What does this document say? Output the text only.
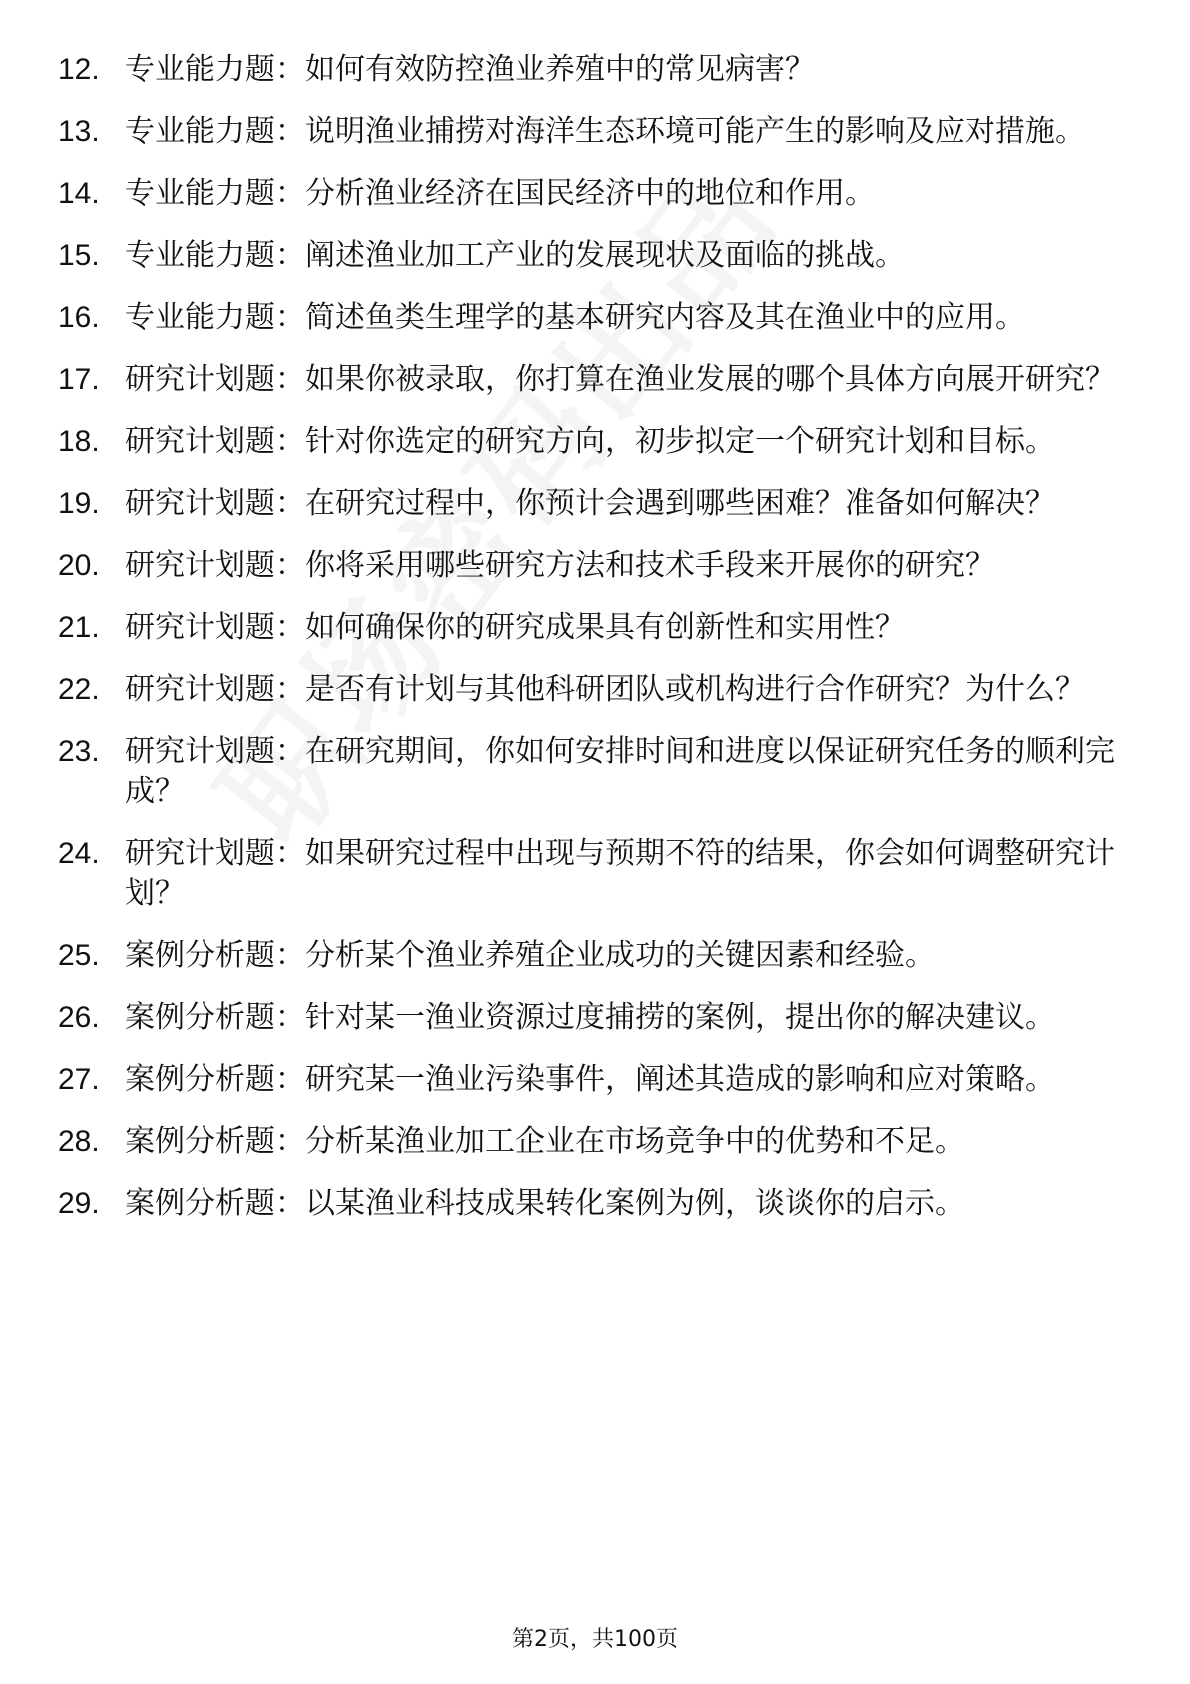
12. 专业能力题：如何有效防控渔业养殖中的常见病害？
13. 专业能力题：说明渔业捕捞对海洋生态环境可能产生的影响及应对措施。
14. 专业能力题：分析渔业经济在国民经济中的地位和作用。
15. 专业能力题：阐述渔业加工产业的发展现状及面临的挑战。
16. 专业能力题：简述鱼类生理学的基本研究内容及其在渔业中的应用。
17. 研究计划题：如果你被录取，你打算在渔业发展的哪个具体方向展开研究？
18. 研究计划题：针对你选定的研究方向，初步拟定一个研究计划和目标。
19. 研究计划题：在研究过程中，你预计会遇到哪些困难？准备如何解决？
20. 研究计划题：你将采用哪些研究方法和技术手段来开展你的研究？
21. 研究计划题：如何确保你的研究成果具有创新性和实用性？
22. 研究计划题：是否有计划与其他科研团队或机构进行合作研究？为什么？
23. 研究计划题：在研究期间，你如何安排时间和进度以保证研究任务的顺利完成？
24. 研究计划题：如果研究过程中出现与预期不符的结果，你会如何调整研究计划？
25. 案例分析题：分析某个渔业养殖企业成功的关键因素和经验。
26. 案例分析题：针对某一渔业资源过度捕捞的案例，提出你的解决建议。
27. 案例分析题：研究某一渔业污染事件，阐述其造成的影响和应对策略。
28. 案例分析题：分析某渔业加工企业在市场竞争中的优势和不足。
29. 案例分析题：以某渔业科技成果转化案例为例，谈谈你的启示。
第2页，共100页
